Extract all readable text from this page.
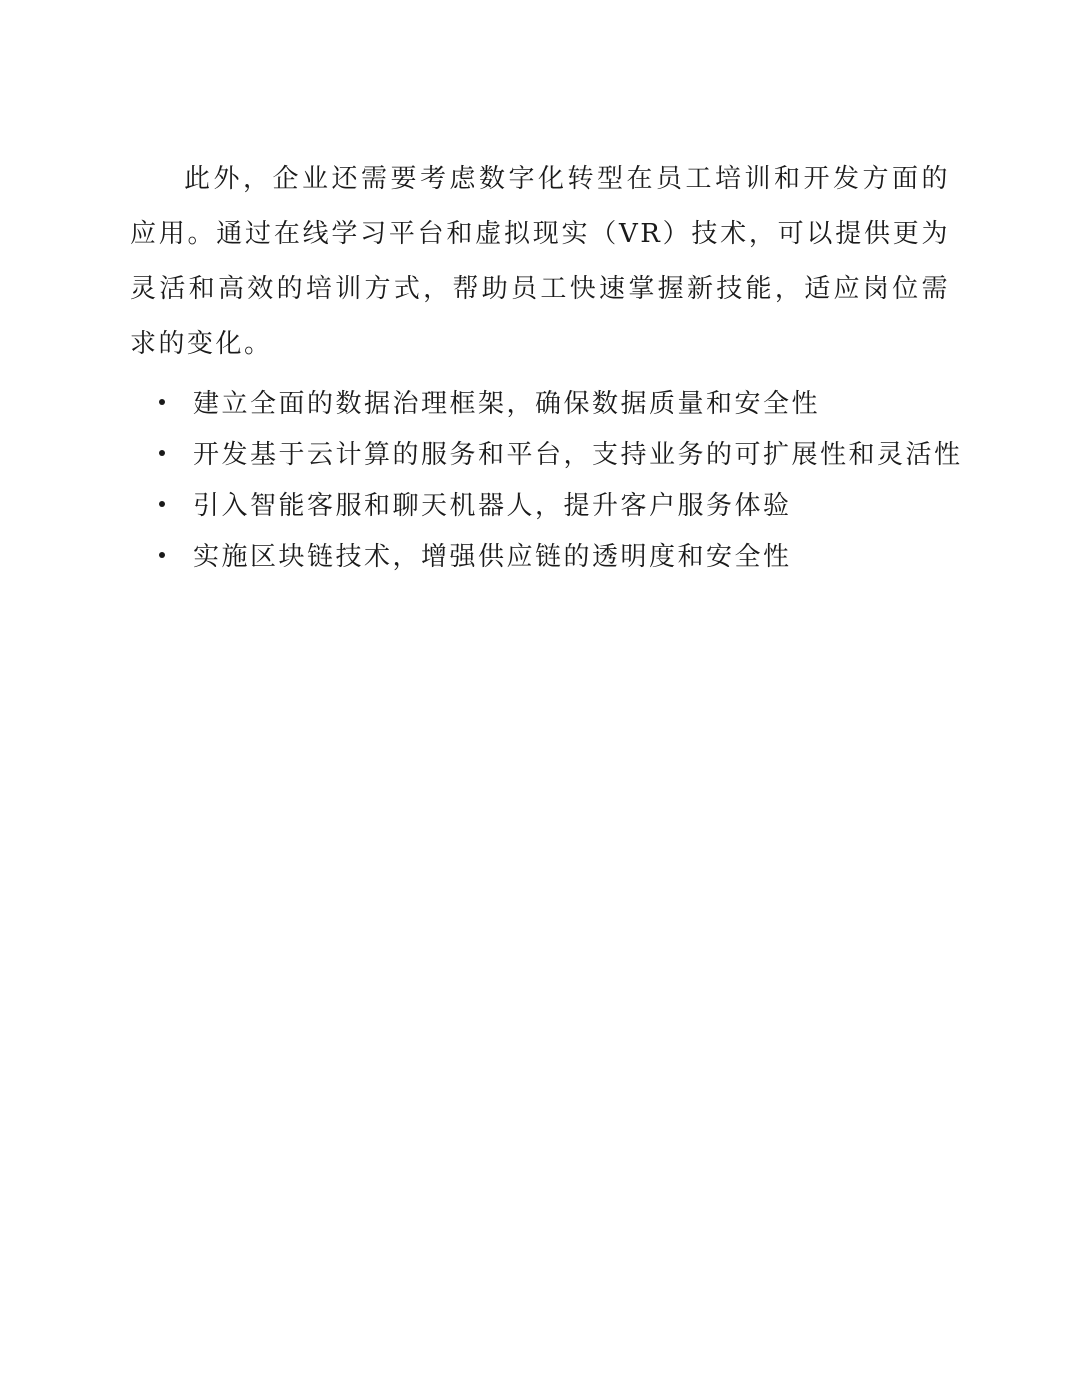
此外，企业还需要考虑数字化转型在员工培训和开发方面的应用。通过在线学习平台和虚拟现实（VR）技术，可以提供更为灵活和高效的培训方式，帮助员工快速掌握新技能，适应岗位需求的变化。

建立全面的数据治理框架，确保数据质量和安全性
开发基于云计算的服务和平台，支持业务的可扩展性和灵活性
引入智能客服和聊天机器人，提升客户服务体验
实施区块链技术，增强供应链的透明度和安全性
